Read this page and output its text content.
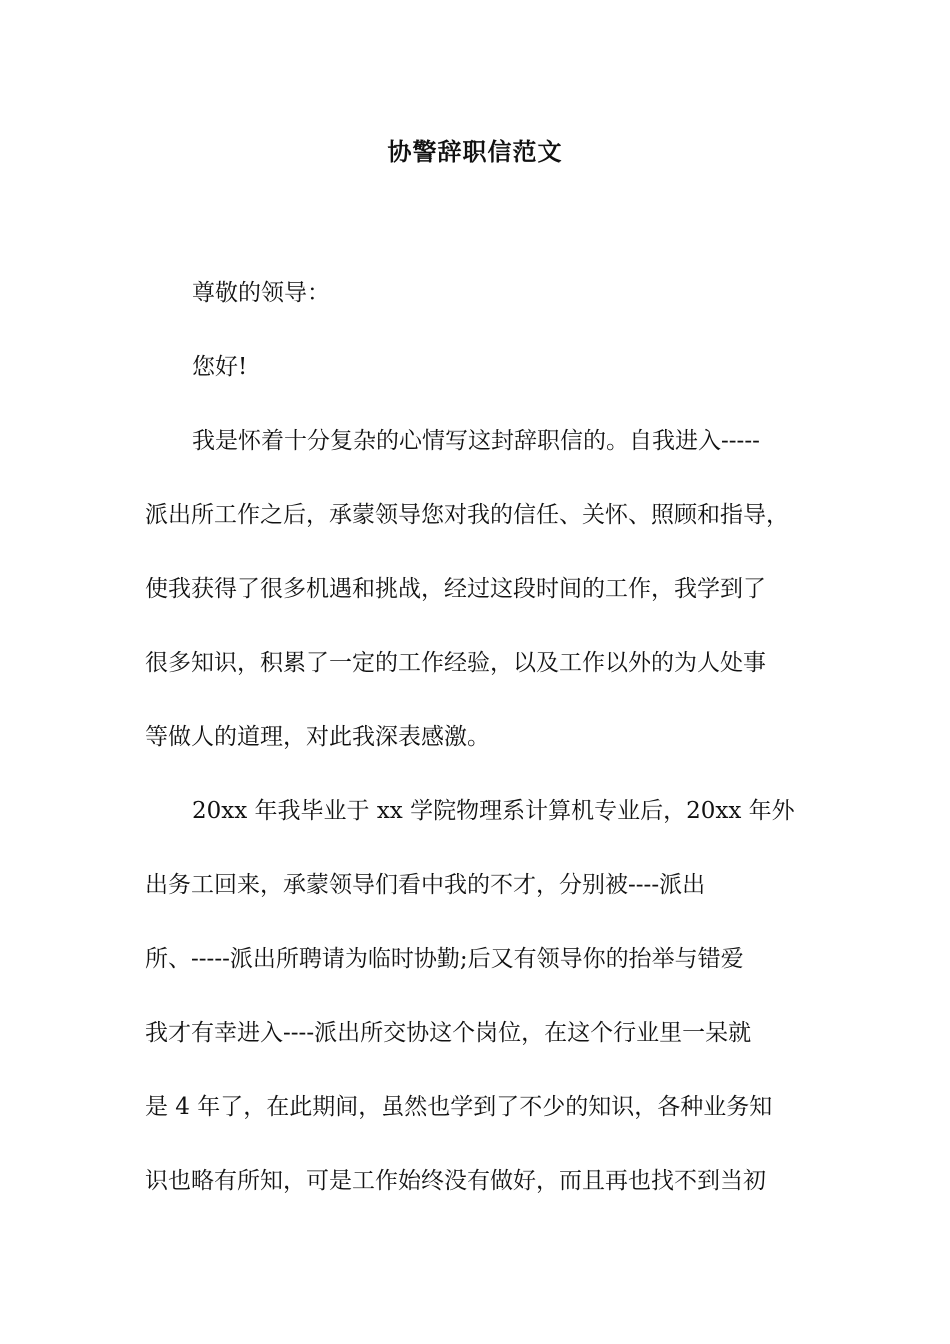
协警辞职信范文
尊敬的领导：
您好!
我是怀着十分复杂的心情写这封辞职信的。自我进入-----
派出所工作之后，承蒙领导您对我的信任、关怀、照顾和指导，
使我获得了很多机遇和挑战，经过这段时间的工作，我学到了
很多知识，积累了一定的工作经验，以及工作以外的为人处事
等做人的道理，对此我深表感激。
20xx 年我毕业于 xx 学院物理系计算机专业后，20xx 年外
出务工回来，承蒙领导们看中我的不才，分别被----派出
所、-----派出所聘请为临时协勤;后又有领导你的抬举与错爱
我才有幸进入----派出所交协这个岗位，在这个行业里一呆就
是 4 年了，在此期间，虽然也学到了不少的知识，各种业务知
识也略有所知，可是工作始终没有做好，而且再也找不到当初
